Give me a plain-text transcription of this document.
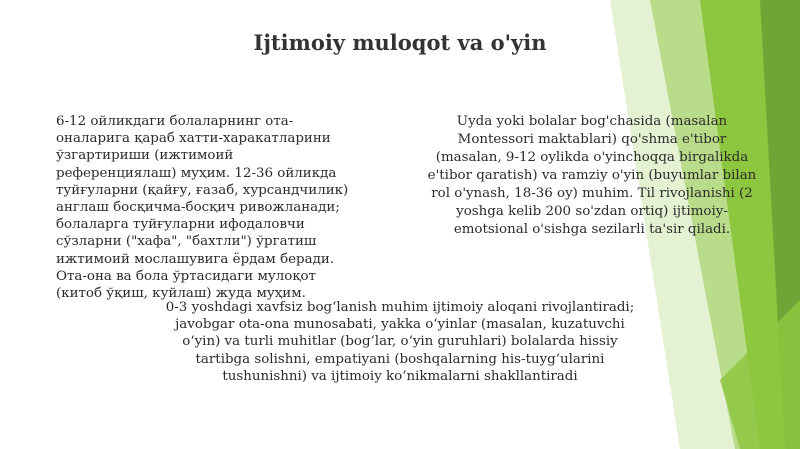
Ijtimoiy muloqot va o'yin
6-12 ойликдаги болаларнинг ота-
оналарига қараб хатти-харакатларини
ўзгартириши (ижтимоий
референциялаш) муҳим. 12-36 ойликда
туйғуларни (қайғу, ғазаб, хурсандчилик)
англаш босқичма-босқич ривожланади;
болаларга туйғуларни ифодаловчи
сўзларни ("хафа", "бахтли") ўргатиш
ижтимоий мослашувига ёрдам беради.
Ота-она ва бола ўртасидаги мулоқот
(китоб ўқиш, куйлаш) жуда муҳим.
Uyda yoki bolalar bog'chasida (masalan
Montessori maktablari) qo'shma e'tibor
(masalan, 9-12 oylikda o'yinchoqqa birgalikda
e'tibor qaratish) va ramziy o'yin (buyumlar bilan
rol o'ynash, 18-36 oy) muhim. Til rivojlanishi (2
yoshga kelib 200 so'zdan ortiq) ijtimoiy-
emotsional o'sishga sezilarli ta'sir qiladi.
0-3 yoshdagi xavfsiz bog‘lanish muhim ijtimoiy aloqani rivojlantiradi;
javobgar ota-ona munosabati, yakka o‘yinlar (masalan, kuzatuvchi
o‘yin) va turli muhitlar (bog‘lar, o‘yin guruhlari) bolalarda hissiy
tartibga solishni, empatiyani (boshqalarning his-tuyg‘ularini
tushunishni) va ijtimoiy ko‘nikmalarni shakllantiradi
